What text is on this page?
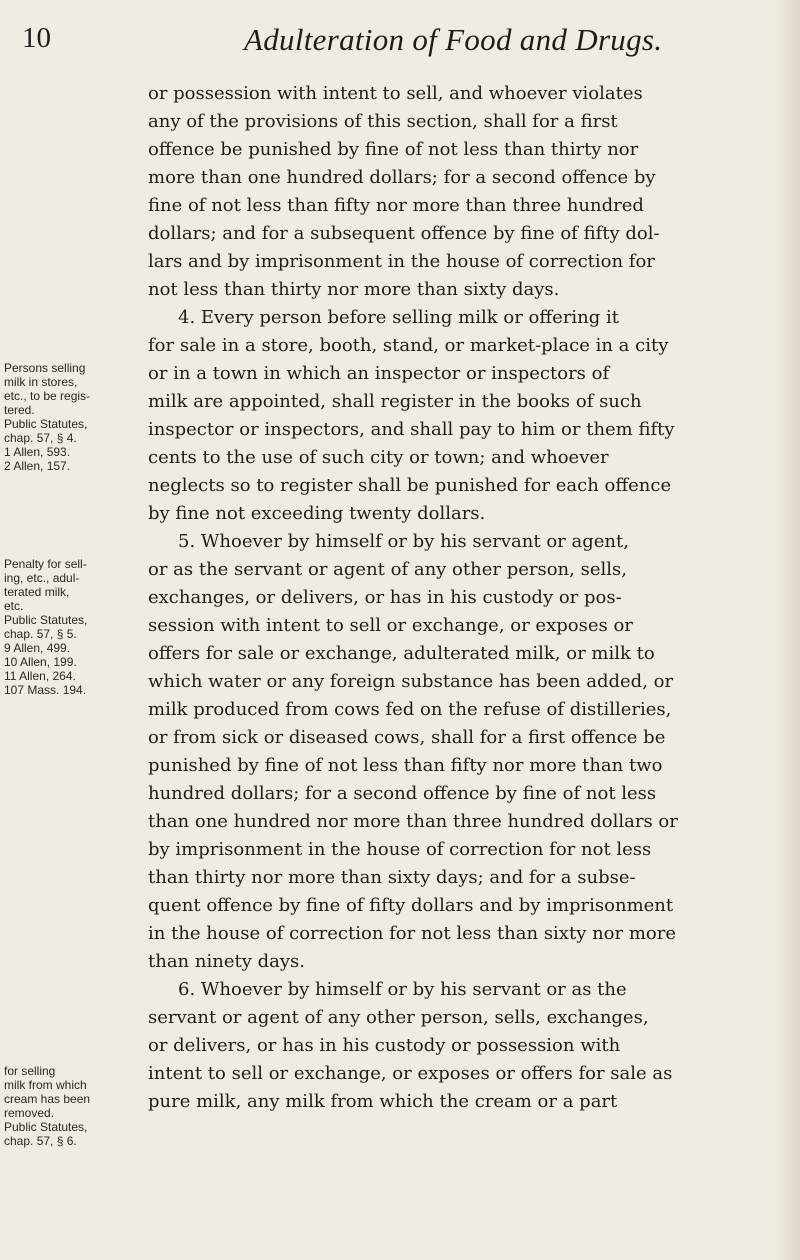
10	Adulteration of Food and Drugs.
Persons selling
milk in stores,
etc., to be regis-
tered.
Public Statutes,
chap. 57, § 4.
1 Allen, 593.
2 Allen, 157.
Penalty for sell-
ing, etc., adul-
terated milk,
etc.
Public Statutes,
chap. 57, § 5.
9 Allen, 499.
10 Allen, 199.
11 Allen, 264.
107 Mass. 194.
for selling
milk from which
cream has been
removed.
Public Statutes,
chap. 57, § 6.
or possession with intent to sell, and whoever violates
any of the provisions of this section, shall for a first
offence be punished by fine of not less than thirty nor
more than one hundred dollars; for a second offence by
fine of not less than fifty nor more than three hundred
dollars; and for a subsequent offence by fine of fifty dol-
lars and by imprisonment in the house of correction for
not less than thirty nor more than sixty days.
4. Every person before selling milk or offering it
for sale in a store, booth, stand, or market-place in a city
or in a town in which an inspector or inspectors of
milk are appointed, shall register in the books of such
inspector or inspectors, and shall pay to him or them fifty
cents to the use of such city or town; and whoever
neglects so to register shall be punished for each offence
by fine not exceeding twenty dollars.
5. Whoever by himself or by his servant or agent,
or as the servant or agent of any other person, sells,
exchanges, or delivers, or has in his custody or pos-
session with intent to sell or exchange, or exposes or
offers for sale or exchange, adulterated milk, or milk to
which water or any foreign substance has been added, or
milk produced from cows fed on the refuse of distilleries,
or from sick or diseased cows, shall for a first offence be
punished by fine of not less than fifty nor more than two
hundred dollars; for a second offence by fine of not less
than one hundred nor more than three hundred dollars or
by imprisonment in the house of correction for not less
than thirty nor more than sixty days; and for a subse-
quent offence by fine of fifty dollars and by imprisonment
in the house of correction for not less than sixty nor more
than ninety days.
6. Whoever by himself or by his servant or as the
servant or agent of any other person, sells, exchanges,
or delivers, or has in his custody or possession with
intent to sell or exchange, or exposes or offers for sale as
pure milk, any milk from which the cream or a part
